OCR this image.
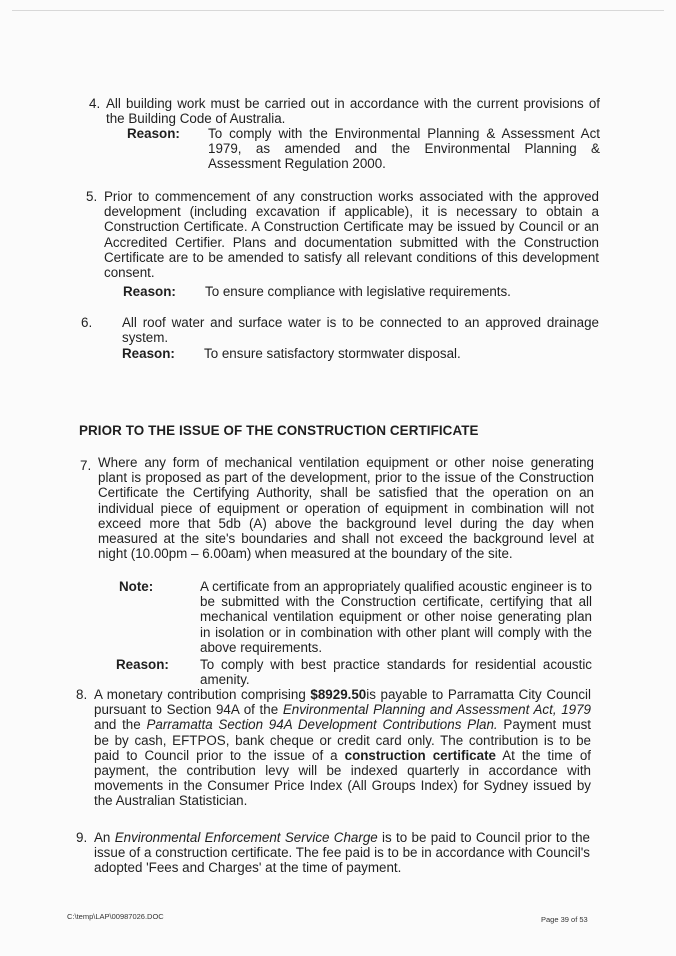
4. All building work must be carried out in accordance with the current provisions of the Building Code of Australia.
Reason: To comply with the Environmental Planning & Assessment Act 1979, as amended and the Environmental Planning & Assessment Regulation 2000.
5. Prior to commencement of any construction works associated with the approved development (including excavation if applicable), it is necessary to obtain a Construction Certificate. A Construction Certificate may be issued by Council or an Accredited Certifier. Plans and documentation submitted with the Construction Certificate are to be amended to satisfy all relevant conditions of this development consent.
Reason: To ensure compliance with legislative requirements.
6. All roof water and surface water is to be connected to an approved drainage system.
Reason: To ensure satisfactory stormwater disposal.
PRIOR TO THE ISSUE OF THE CONSTRUCTION CERTIFICATE
7. Where any form of mechanical ventilation equipment or other noise generating plant is proposed as part of the development, prior to the issue of the Construction Certificate the Certifying Authority, shall be satisfied that the operation on an individual piece of equipment or operation of equipment in combination will not exceed more that 5db (A) above the background level during the day when measured at the site's boundaries and shall not exceed the background level at night (10.00pm – 6.00am) when measured at the boundary of the site.
Note:	A certificate from an appropriately qualified acoustic engineer is to be submitted with the Construction certificate, certifying that all mechanical ventilation equipment or other noise generating plan in isolation or in combination with other plant will comply with the above requirements.
Reason: To comply with best practice standards for residential acoustic amenity.
8. A monetary contribution comprising $8929.50is payable to Parramatta City Council pursuant to Section 94A of the Environmental Planning and Assessment Act, 1979 and the Parramatta Section 94A Development Contributions Plan. Payment must be by cash, EFTPOS, bank cheque or credit card only. The contribution is to be paid to Council prior to the issue of a construction certificate At the time of payment, the contribution levy will be indexed quarterly in accordance with movements in the Consumer Price Index (All Groups Index) for Sydney issued by the Australian Statistician.
9. An Environmental Enforcement Service Charge is to be paid to Council prior to the issue of a construction certificate. The fee paid is to be in accordance with Council's adopted 'Fees and Charges' at the time of payment.
C:\temp\LAP\00987026.DOC	Page 39 of 53
